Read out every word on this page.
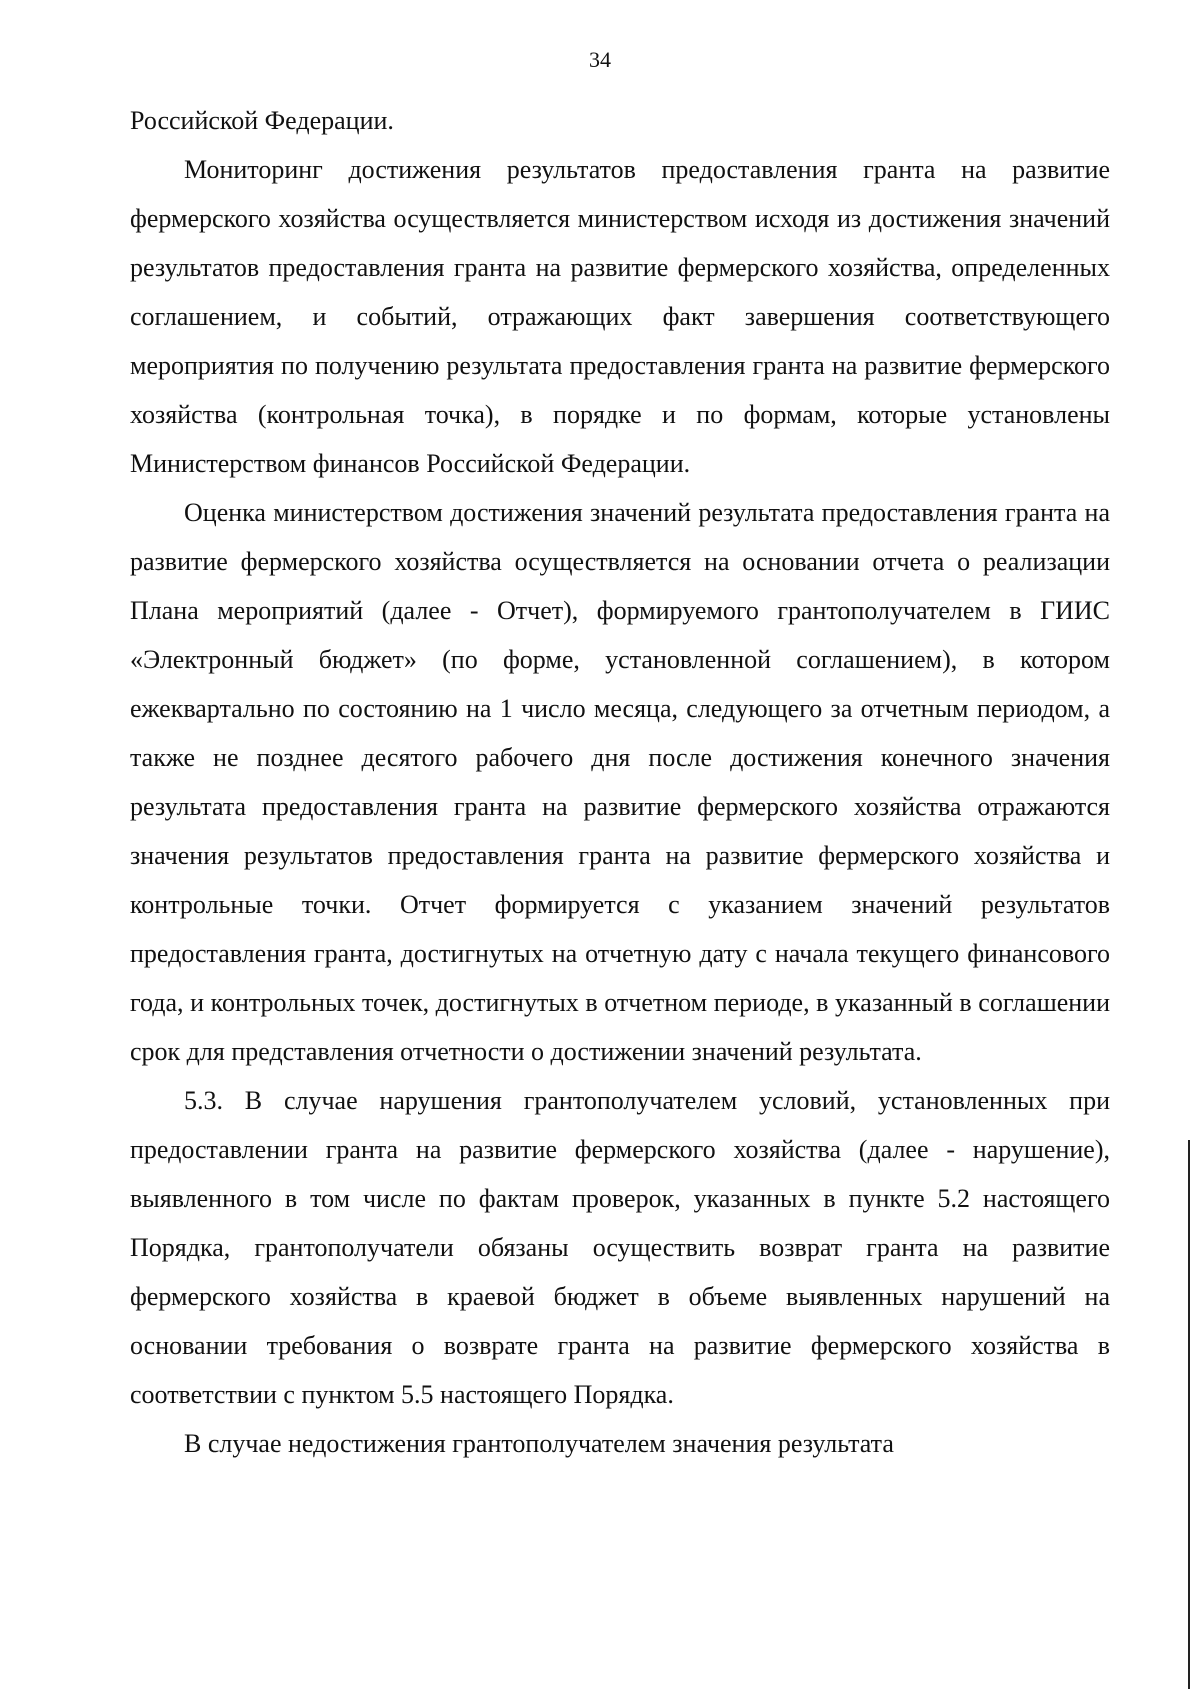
34

Российской Федерации.

Мониторинг достижения результатов предоставления гранта на развитие фермерского хозяйства осуществляется министерством исходя из достижения значений результатов предоставления гранта на развитие фермерского хозяйства, определенных соглашением, и событий, отражающих факт завершения соответствующего мероприятия по получению результата предоставления гранта на развитие фермерского хозяйства (контрольная точка), в порядке и по формам, которые установлены Министерством финансов Российской Федерации.

Оценка министерством достижения значений результата предоставления гранта на развитие фермерского хозяйства осуществляется на основании отчета о реализации Плана мероприятий (далее - Отчет), формируемого грантополучателем в ГИИС «Электронный бюджет» (по форме, установленной соглашением), в котором ежеквартально по состоянию на 1 число месяца, следующего за отчетным периодом, а также не позднее десятого рабочего дня после достижения конечного значения результата предоставления гранта на развитие фермерского хозяйства отражаются значения результатов предоставления гранта на развитие фермерского хозяйства и контрольные точки. Отчет формируется с указанием значений результатов предоставления гранта, достигнутых на отчетную дату с начала текущего финансового года, и контрольных точек, достигнутых в отчетном периоде, в указанный в соглашении срок для представления отчетности о достижении значений результата.

5.3. В случае нарушения грантополучателем условий, установленных при предоставлении гранта на развитие фермерского хозяйства (далее - нарушение), выявленного в том числе по фактам проверок, указанных в пункте 5.2 настоящего Порядка, грантополучатели обязаны осуществить возврат гранта на развитие фермерского хозяйства в краевой бюджет в объеме выявленных нарушений на основании требования о возврате гранта на развитие фермерского хозяйства в соответствии с пунктом 5.5 настоящего Порядка.

В случае недостижения грантополучателем значения результата
